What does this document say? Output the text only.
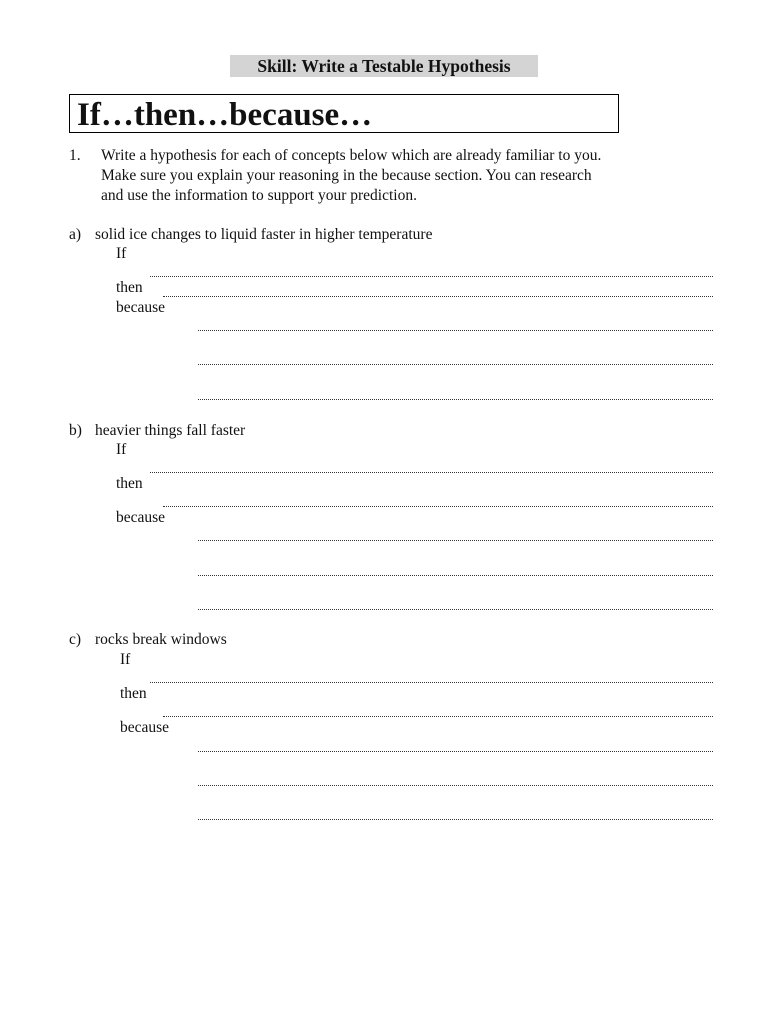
Skill: Write a Testable Hypothesis
If…then…because…
1. Write a hypothesis for each of concepts below which are already familiar to you.
Make sure you explain your reasoning in the because section. You can research
and use the information to support your prediction.
a) solid ice changes to liquid faster in higher temperature
If
then
because
b) heavier things fall faster
If
then
because
c) rocks break windows
If
then
because
